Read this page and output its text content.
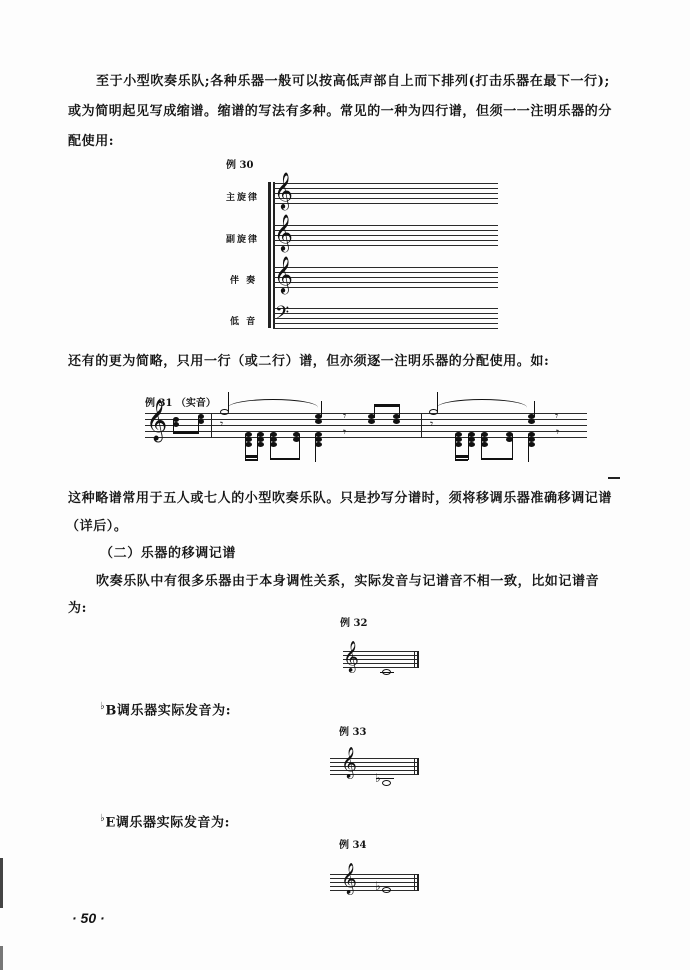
至于小型吹奏乐队;各种乐器一般可以按高低声部自上而下排列(打击乐器在最下一行);
或为简明起见写成缩谱。缩谱的写法有多种。常见的一种为四行谱，但须一一注明乐器的分
配使用:
例 30
主旋律
副旋律
伴 奏
低 音
𝄞
𝄞
𝄞
𝄢
还有的更为简略，只用一行（或二行）谱，但亦须逐一注明乐器的分配使用。如:
例 31 （实音）
𝄞	𝄾
𝄾
𝄾
𝄾
𝄾
𝄾
这种略谱常用于五人或七人的小型吹奏乐队。只是抄写分谱时，须将移调乐器准确移调记谱
（详后）。
（二）乐器的移调记谱
吹奏乐队中有很多乐器由于本身调性关系，实际发音与记谱音不相一致，比如记谱音
为:
例 32
𝄞
♭B调乐器实际发音为:
例 33
𝄞 ♭
♭E调乐器实际发音为:
例 34
𝄞 ♭
· 50 ·
